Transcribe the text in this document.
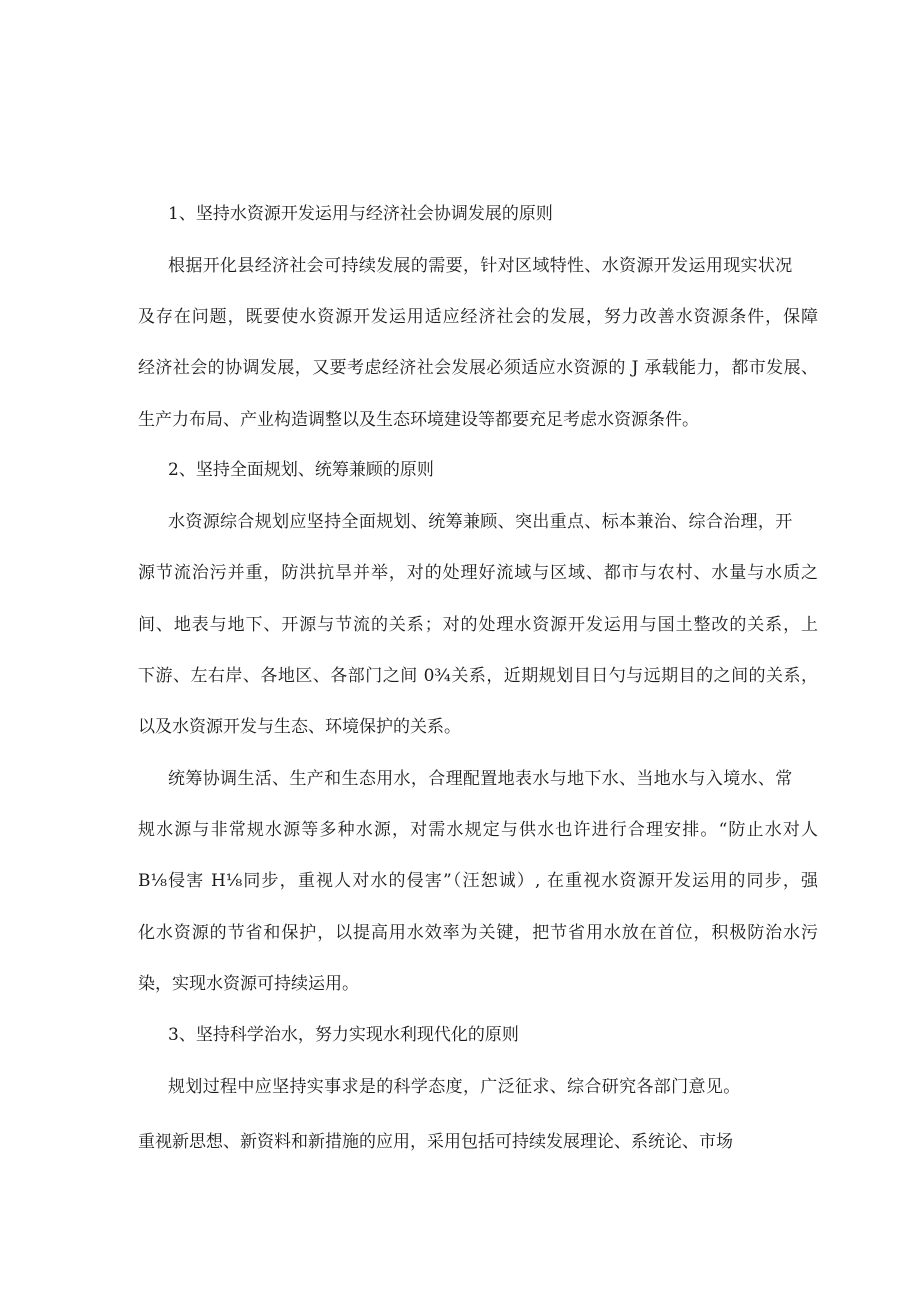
1、坚持水资源开发运用与经济社会协调发展的原则

根据开化县经济社会可持续发展的需要，针对区域特性、水资源开发运用现实状况

及存在问题，既要使水资源开发运用适应经济社会的发展，努力改善水资源条件，保障

经济社会的协调发展，又要考虑经济社会发展必须适应水资源的 J 承载能力，都市发展、

生产力布局、产业构造调整以及生态环境建设等都要充足考虑水资源条件。

2、坚持全面规划、统筹兼顾的原则

水资源综合规划应坚持全面规划、统筹兼顾、突出重点、标本兼治、综合治理，开

源节流治污并重，防洪抗旱并举，对的处理好流域与区域、都市与农村、水量与水质之

间、地表与地下、开源与节流的关系；对的处理水资源开发运用与国土整改的关系，上

下游、左右岸、各地区、各部门之间 0¾关系，近期规划目日勺与远期目的之间的关系，

以及水资源开发与生态、环境保护的关系。

统筹协调生活、生产和生态用水，合理配置地表水与地下水、当地水与入境水、常

规水源与非常规水源等多种水源，对需水规定与供水也许进行合理安排。“防止水对人

B⅛侵害 H⅛同步，重视人对水的侵害”（汪恕诚）, 在重视水资源开发运用的同步，强

化水资源的节省和保护，以提高用水效率为关键，把节省用水放在首位，积极防治水污

染，实现水资源可持续运用。

3、坚持科学治水，努力实现水利现代化的原则

规划过程中应坚持实事求是的科学态度，广泛征求、综合研究各部门意见。

重视新思想、新资料和新措施的应用，采用包括可持续发展理论、系统论、市场
